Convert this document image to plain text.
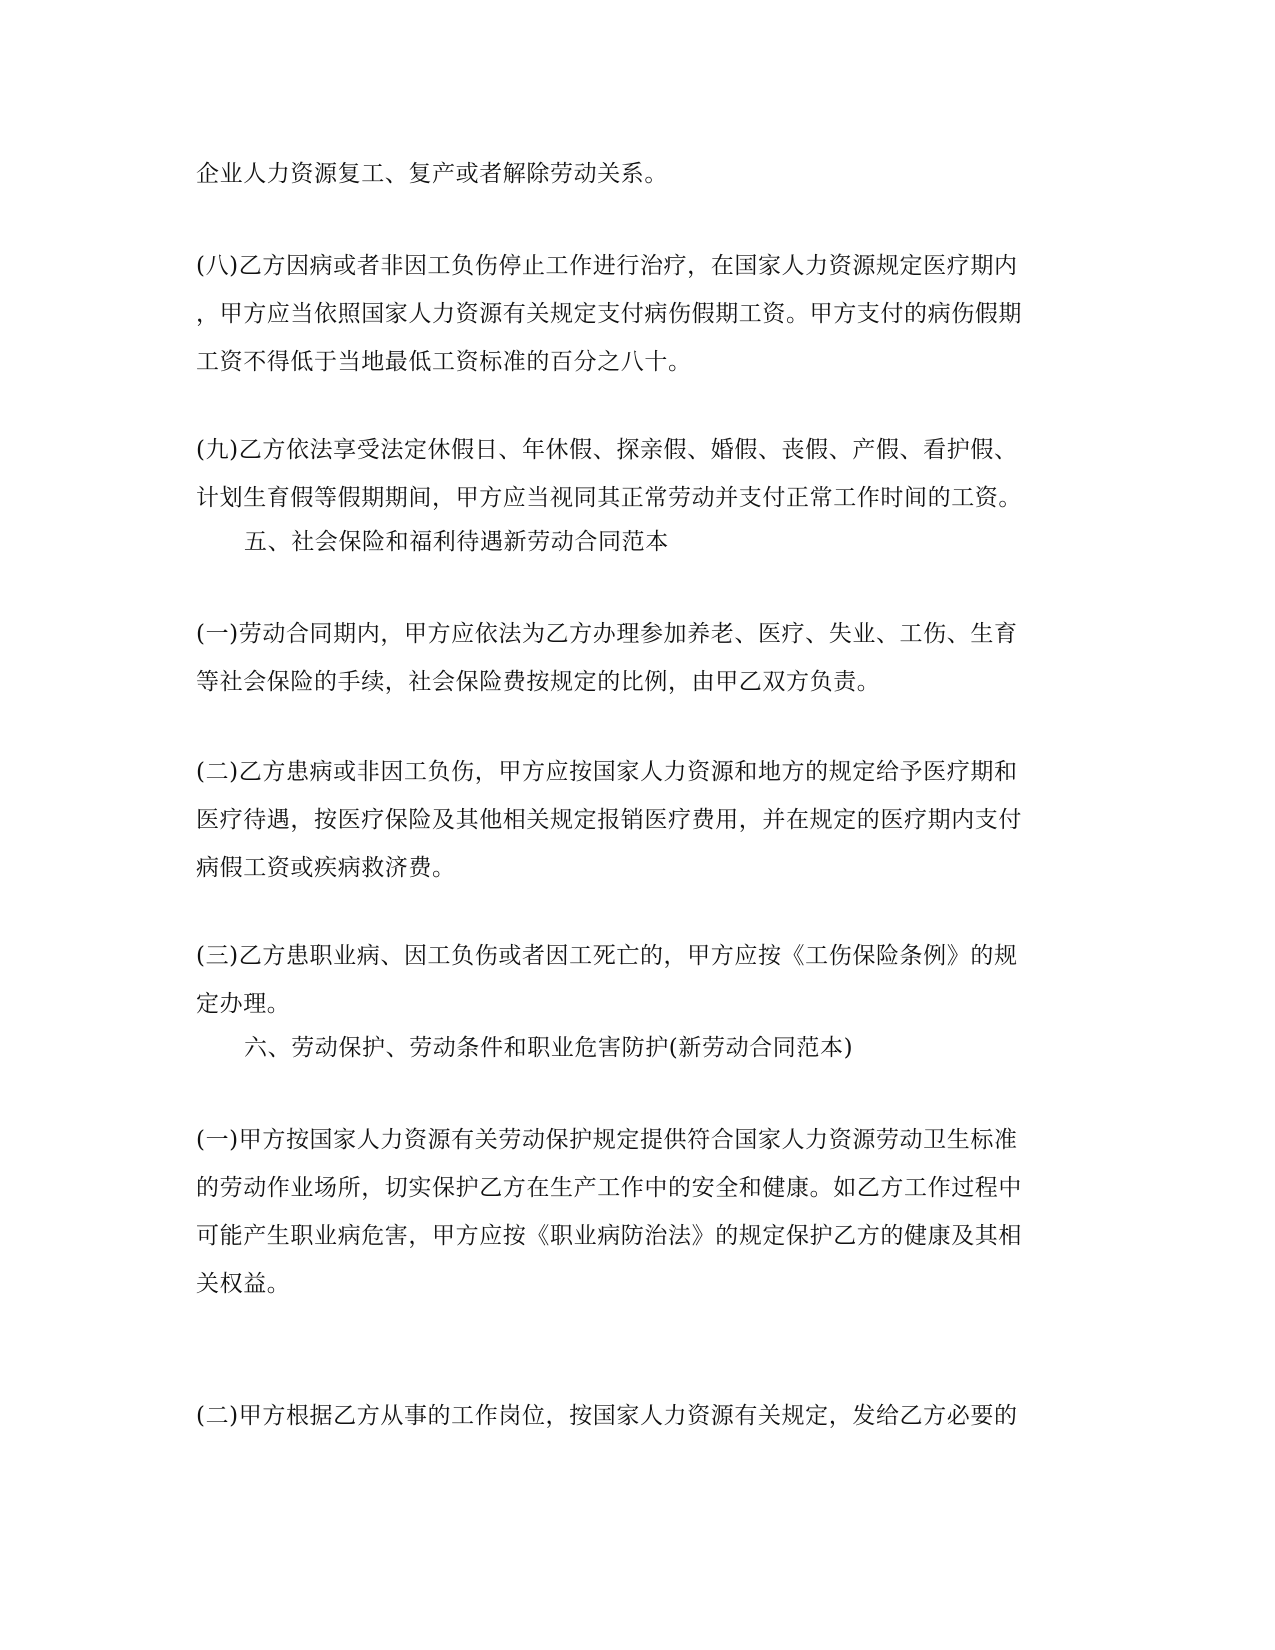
企业人力资源复工、复产或者解除劳动关系。
(八)乙方因病或者非因工负伤停止工作进行治疗，在国家人力资源规定医疗期内
，甲方应当依照国家人力资源有关规定支付病伤假期工资。甲方支付的病伤假期
工资不得低于当地最低工资标准的百分之八十。
(九)乙方依法享受法定休假日、年休假、探亲假、婚假、丧假、产假、看护假、
计划生育假等假期期间，甲方应当视同其正常劳动并支付正常工作时间的工资。
五、社会保险和福利待遇新劳动合同范本
(一)劳动合同期内，甲方应依法为乙方办理参加养老、医疗、失业、工伤、生育
等社会保险的手续，社会保险费按规定的比例，由甲乙双方负责。
(二)乙方患病或非因工负伤，甲方应按国家人力资源和地方的规定给予医疗期和
医疗待遇，按医疗保险及其他相关规定报销医疗费用，并在规定的医疗期内支付
病假工资或疾病救济费。
(三)乙方患职业病、因工负伤或者因工死亡的，甲方应按《工伤保险条例》的规
定办理。
六、劳动保护、劳动条件和职业危害防护(新劳动合同范本)
(一)甲方按国家人力资源有关劳动保护规定提供符合国家人力资源劳动卫生标准
的劳动作业场所，切实保护乙方在生产工作中的安全和健康。如乙方工作过程中
可能产生职业病危害，甲方应按《职业病防治法》的规定保护乙方的健康及其相
关权益。
(二)甲方根据乙方从事的工作岗位，按国家人力资源有关规定，发给乙方必要的
